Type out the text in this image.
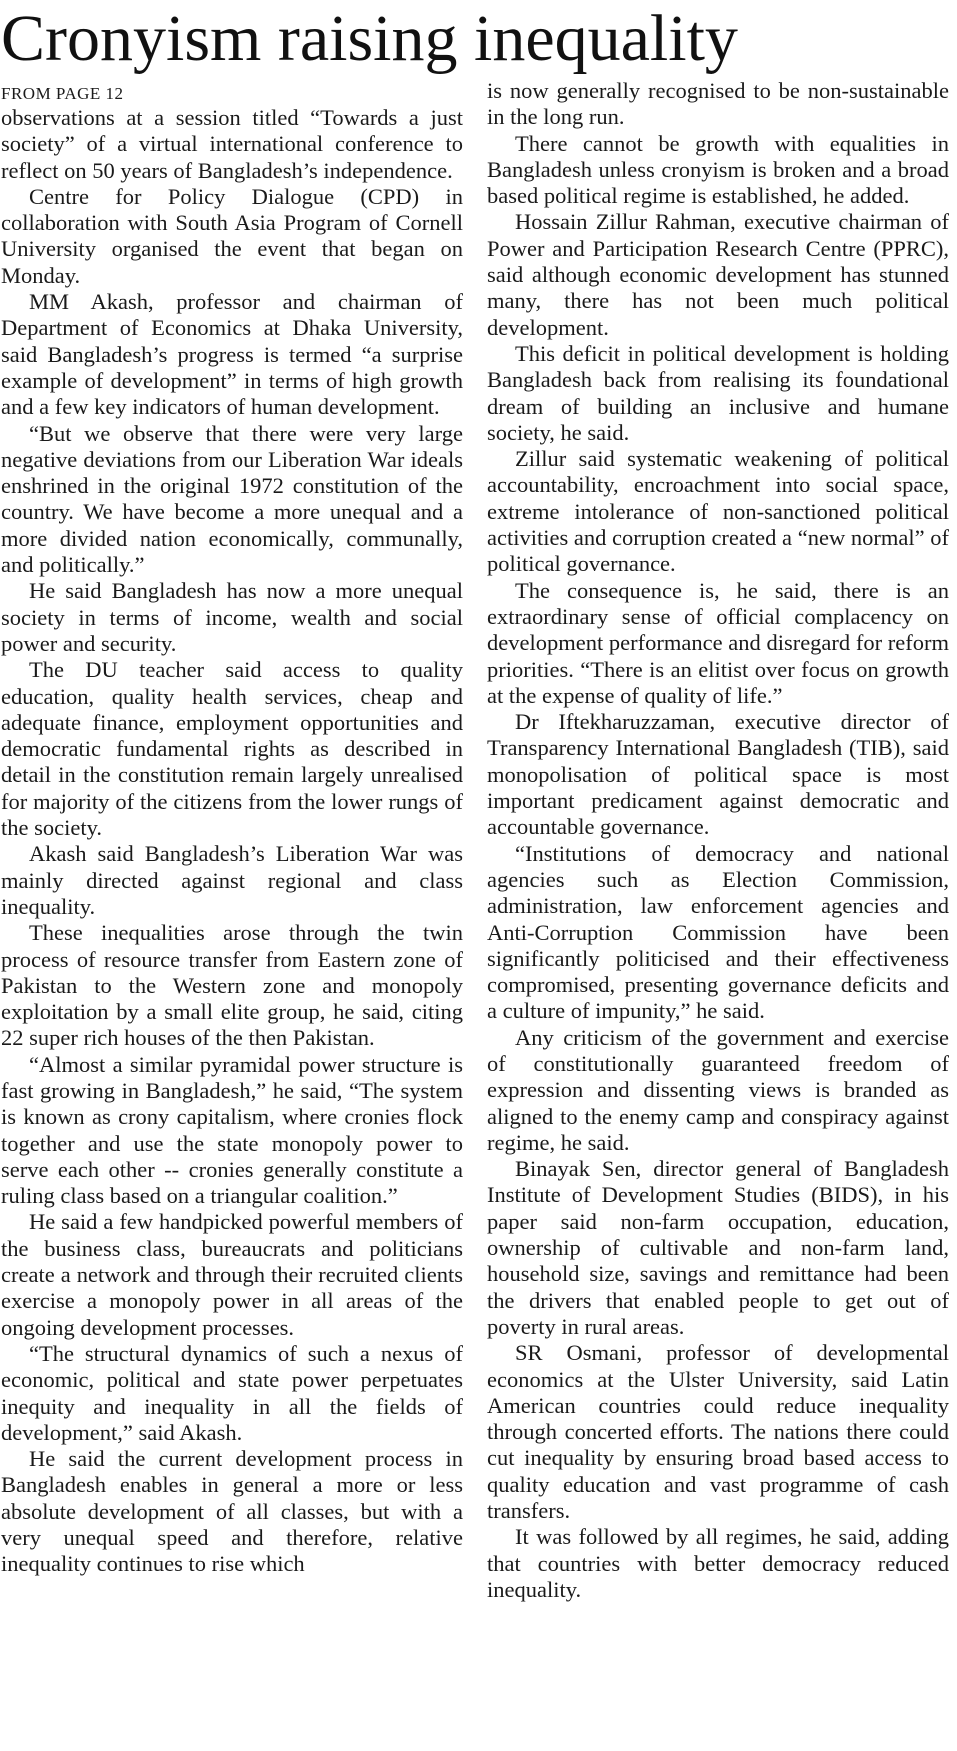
Cronyism raising inequality
FROM PAGE 12

observations at a session titled “Towards a just society” of a virtual international conference to reflect on 50 years of Bangladesh’s independence.

Centre for Policy Dialogue (CPD) in collaboration with South Asia Program of Cornell University organised the event that began on Monday.

MM Akash, professor and chairman of Department of Economics at Dhaka University, said Bangladesh’s progress is termed “a surprise example of development” in terms of high growth and a few key indicators of human development.

“But we observe that there were very large negative deviations from our Liberation War ideals enshrined in the original 1972 constitution of the country. We have become a more unequal and a more divided nation economically, communally, and politically.”

He said Bangladesh has now a more unequal society in terms of income, wealth and social power and security.

The DU teacher said access to quality education, quality health services, cheap and adequate finance, employment opportunities and democratic fundamental rights as described in detail in the constitution remain largely unrealised for majority of the citizens from the lower rungs of the society.

Akash said Bangladesh’s Liberation War was mainly directed against regional and class inequality.

These inequalities arose through the twin process of resource transfer from Eastern zone of Pakistan to the Western zone and monopoly exploitation by a small elite group, he said, citing 22 super rich houses of the then Pakistan.

“Almost a similar pyramidal power structure is fast growing in Bangladesh,” he said, “The system is known as crony capitalism, where cronies flock together and use the state monopoly power to serve each other -- cronies generally constitute a ruling class based on a triangular coalition.”

He said a few handpicked powerful members of the business class, bureaucrats and politicians create a network and through their recruited clients exercise a monopoly power in all areas of the ongoing development processes.

“The structural dynamics of such a nexus of economic, political and state power perpetuates inequity and inequality in all the fields of development,” said Akash.

He said the current development process in Bangladesh enables in general a more or less absolute development of all classes, but with a very unequal speed and therefore, relative inequality continues to rise which

is now generally recognised to be non-sustainable in the long run.

There cannot be growth with equalities in Bangladesh unless cronyism is broken and a broad based political regime is established, he added.

Hossain Zillur Rahman, executive chairman of Power and Participation Research Centre (PPRC), said although economic development has stunned many, there has not been much political development.

This deficit in political development is holding Bangladesh back from realising its foundational dream of building an inclusive and humane society, he said.

Zillur said systematic weakening of political accountability, encroachment into social space, extreme intolerance of non-sanctioned political activities and corruption created a “new normal” of political governance.

The consequence is, he said, there is an extraordinary sense of official complacency on development performance and disregard for reform priorities. “There is an elitist over focus on growth at the expense of quality of life.”

Dr Iftekharuzzaman, executive director of Transparency International Bangladesh (TIB), said monopolisation of political space is most important predicament against democratic and accountable governance.

“Institutions of democracy and national agencies such as Election Commission, administration, law enforcement agencies and Anti-Corruption Commission have been significantly politicised and their effectiveness compromised, presenting governance deficits and a culture of impunity,” he said.

Any criticism of the government and exercise of constitutionally guaranteed freedom of expression and dissenting views is branded as aligned to the enemy camp and conspiracy against regime, he said.

Binayak Sen, director general of Bangladesh Institute of Development Studies (BIDS), in his paper said non-farm occupation, education, ownership of cultivable and non-farm land, household size, savings and remittance had been the drivers that enabled people to get out of poverty in rural areas.

SR Osmani, professor of developmental economics at the Ulster University, said Latin American countries could reduce inequality through concerted efforts. The nations there could cut inequality by ensuring broad based access to quality education and vast programme of cash transfers.

It was followed by all regimes, he said, adding that countries with better democracy reduced inequality.
